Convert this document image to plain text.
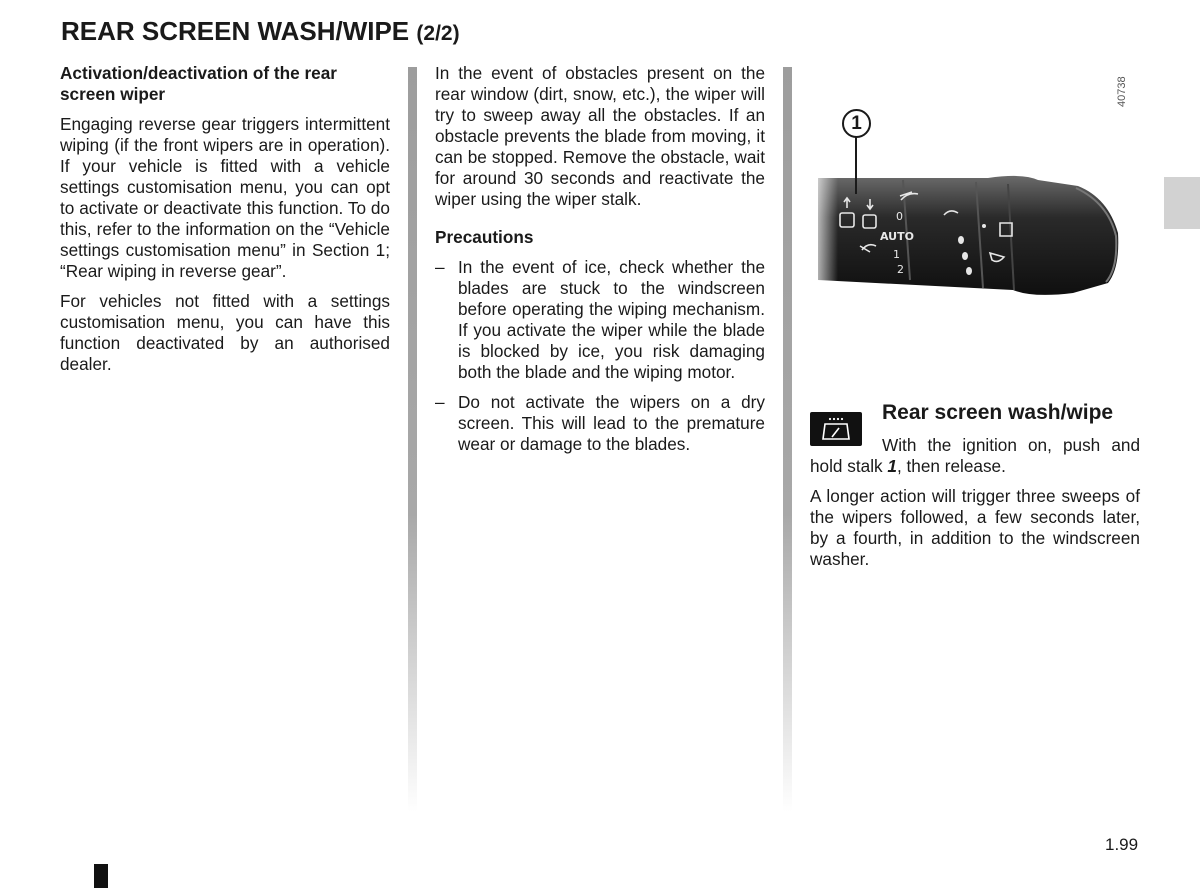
REAR SCREEN WASH/WIPE (2/2)

Activation/deactivation of the rear screen wiper

Engaging reverse gear triggers intermittent wiping (if the front wipers are in operation). If your vehicle is fitted with a vehicle settings customisation menu, you can opt to activate or deactivate this function. To do this, refer to the information on the “Vehicle settings customisation menu” in Section 1; “Rear wiping in reverse gear”.

For vehicles not fitted with a settings customisation menu, you can have this function deactivated by an authorised dealer.

In the event of obstacles present on the rear window (dirt, snow, etc.), the wiper will try to sweep away all the obstacles. If an obstacle prevents the blade from moving, it can be stopped. Remove the obstacle, wait for around 30 seconds and reactivate the wiper using the wiper stalk.

Precautions

– In the event of ice, check whether the blades are stuck to the windscreen before operating the wiping mechanism. If you activate the wiper while the blade is blocked by ice, you risk damaging both the blade and the wiping motor.

– Do not activate the wipers on a dry screen. This will lead to the premature wear or damage to the blades.

0
AUTO
1
2
1
40738
Rear screen wash/wipe

With the ignition on, push and hold stalk 1, then release.

A longer action will trigger three sweeps of the wipers followed, a few seconds later, by a fourth, in addition to the windscreen washer.

1.99
